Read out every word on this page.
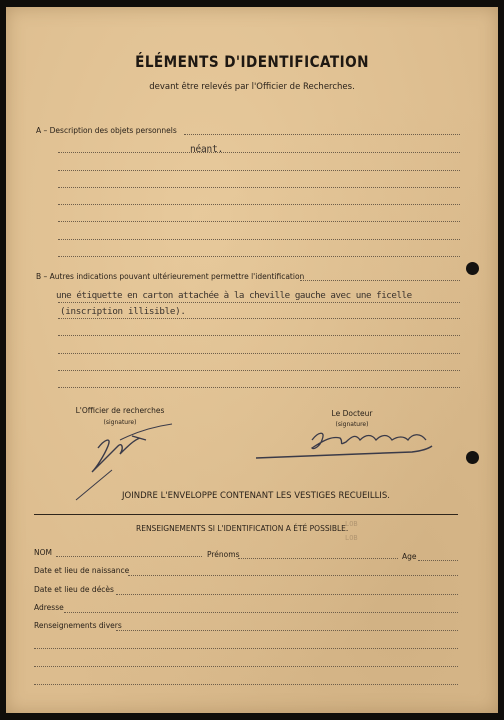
ÉLÉMENTS D'IDENTIFICATION
devant être relevés par l'Officier de Recherches.
A – Description des objets personnels
néant.
B – Autres indications pouvant ultérieurement permettre l'identification
une étiquette en carton attachée à la cheville gauche avec une ficelle
(inscription illisible).
L'Officier de recherches
(signature)
Le Docteur
(signature)
JOINDRE L'ENVELOPPE CONTENANT LES VESTIGES RECUEILLIS.
LOB
LOB
RENSEIGNEMENTS SI L'IDENTIFICATION A ÉTÉ POSSIBLE.
NOM	Prénoms	Age
Date et lieu de naissance
Date et lieu de décès
Adresse
Renseignements divers
